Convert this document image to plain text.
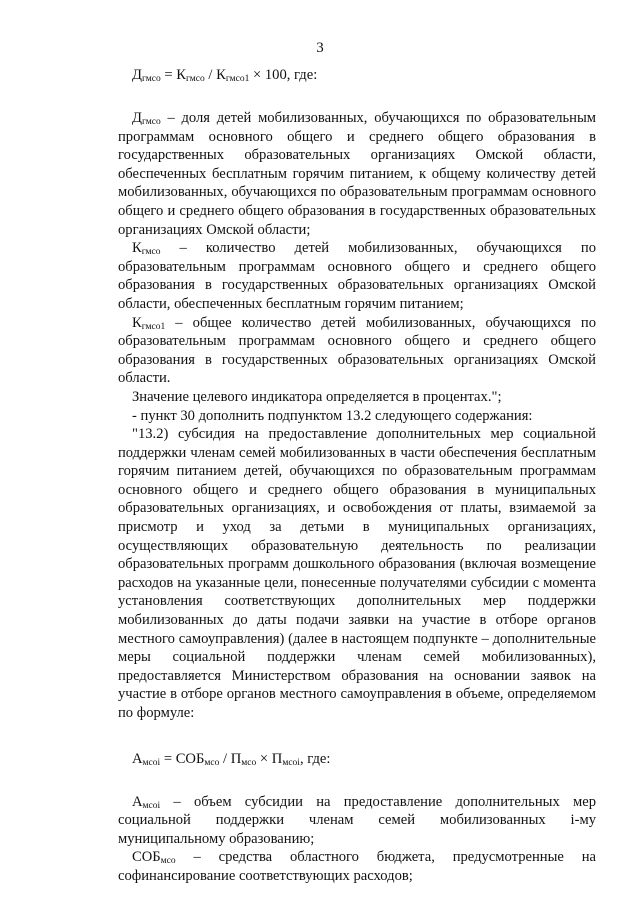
3
$Д_{гмсо} = К_{гмсо} / К_{гмсо1} \times 100$, где:

$Д_{гмсо}$ – доля детей мобилизованных, обучающихся по образовательным программам основного общего и среднего общего образования в государственных образовательных организациях Омской области, обеспеченных бесплатным горячим питанием, к общему количеству детей мобилизованных, обучающихся по образовательным программам основного общего и среднего общего образования в государственных образовательных организациях Омской области;

$К_{гмсо}$ – количество детей мобилизованных, обучающихся по образовательным программам основного общего и среднего общего образования в государственных образовательных организациях Омской области, обеспеченных бесплатным горячим питанием;

$К_{гмсо1}$ – общее количество детей мобилизованных, обучающихся по образовательным программам основного общего и среднего общего образования в государственных образовательных организациях Омской области.

Значение целевого индикатора определяется в процентах.";

- пункт 30 дополнить подпунктом 13.2 следующего содержания:

"13.2) субсидия на предоставление дополнительных мер социальной поддержки членам семей мобилизованных в части обеспечения бесплатным горячим питанием детей, обучающихся по образовательным программам основного общего и среднего общего образования в муниципальных образовательных организациях, и освобождения от платы, взимаемой за присмотр и уход за детьми в муниципальных организациях, осуществляющих образовательную деятельность по реализации образовательных программ дошкольного образования (включая возмещение расходов на указанные цели, понесенные получателями субсидии с момента установления соответствующих дополнительных мер поддержки мобилизованных до даты подачи заявки на участие в отборе органов местного самоуправления) (далее в настоящем подпункте – дополнительные меры социальной поддержки членам семей мобилизованных), предоставляется Министерством образования на основании заявок на участие в отборе органов местного самоуправления в объеме, определяемом по формуле:

$А_{мсоi} = СОБ_{мсо} / П_{мсо} \times П_{мсоi}$, где:

$А_{мсоi}$ – объем субсидии на предоставление дополнительных мер социальной поддержки членам семей мобилизованных i-му муниципальному образованию;

$СОБ_{мсо}$ – средства областного бюджета, предусмотренные на софинансирование соответствующих расходов;
